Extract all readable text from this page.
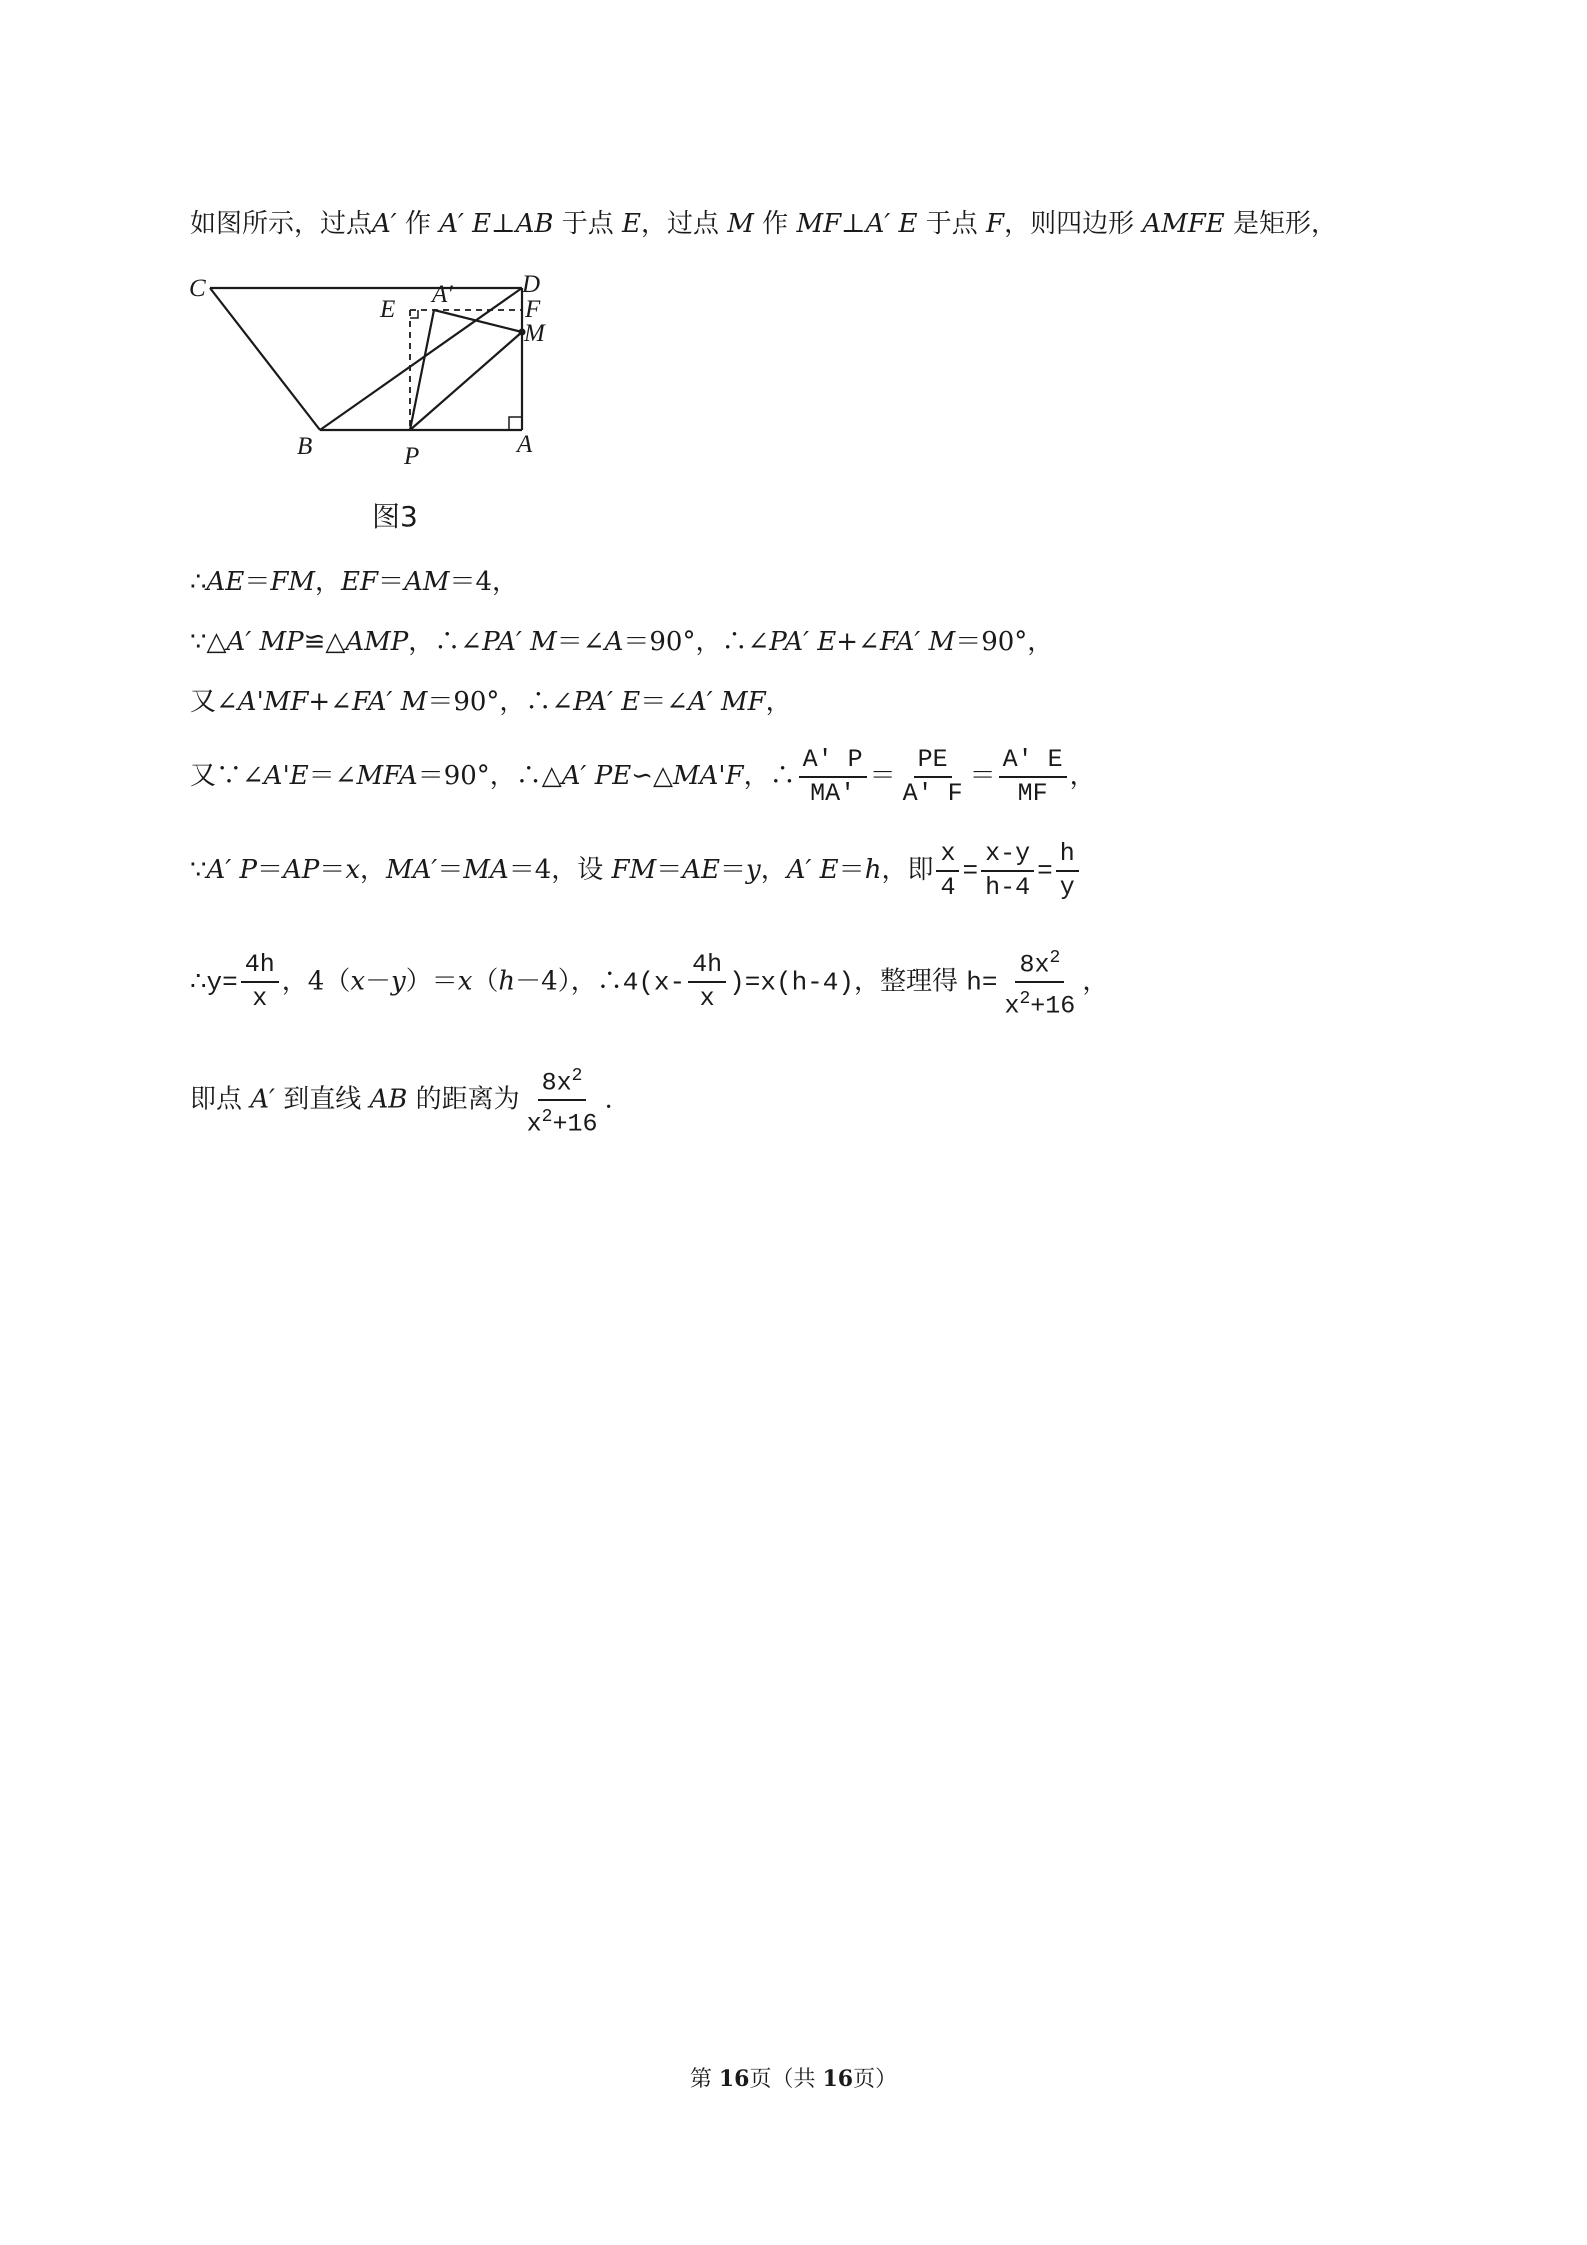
如图所示，过点A′ 作 A′ E⊥AB 于点 E，过点 M 作 MF⊥A′ E 于点 F，则四边形 AMFE 是矩形，
C	D
A′
E	F
M
B	P	A
图3
∴AE＝FM，EF＝AM＝4，
∵△A′ MP≌△AMP，∴∠PA′ M＝∠A＝90°，∴∠PA′ E+∠FA′ M＝90°，
又∠A'MF+∠FA′ M＝90°，∴∠PA′ E＝∠A′ MF，
又∵∠A'E＝∠MFA＝90°，∴△A′ PE∽△MA'F，∴ $\frac{A' P}{MA'} = \frac{PE}{A' F} = \frac{A' E}{MF}$ ，
∵A′ P＝AP＝x，MA′＝MA＝4，设 FM＝AE＝y，A′ E＝h，即 $\frac{x}{4} = \frac{x-y}{h-4} = \frac{h}{y}$
∴y= $\frac{4h}{x}$ ，4（x－y）＝x（h－4），∴4(x- $\frac{4h}{x} )=x(h-4)$，整理得 $h= \frac{8x^2}{x^2+16}$ ，
即点 A′ 到直线 AB 的距离为 $\frac{8x^2}{x^2+16}$ .
第 16页（共 16页）
